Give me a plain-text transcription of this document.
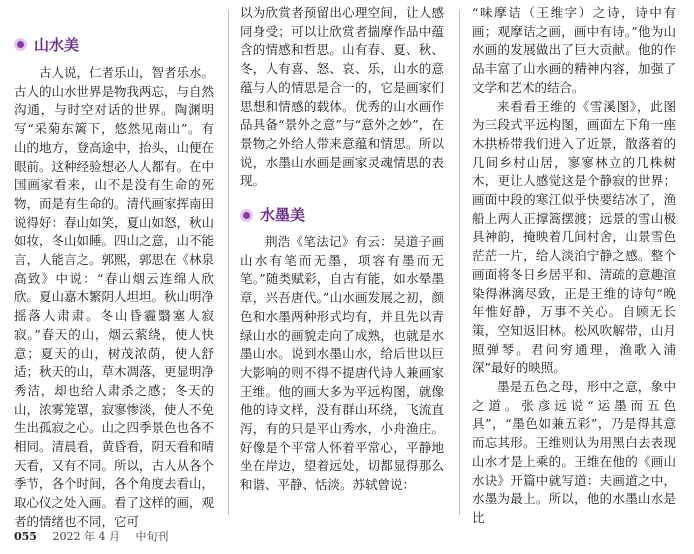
山水美

古人说，仁者乐山，智者乐水。古人的山水世界是物我两忘，与自然沟通，与时空对话的世界。陶渊明写“采菊东篱下，悠然见南山”。有山的地方，登高途中，抬头，山便在眼前。这种经验想必人人都有。在中国画家看来，山不是没有生命的死物，而是有生命的。清代画家挥南田说得好：春山如笑，夏山如怒，秋山如妆，冬山如睡。四山之意，山不能言，人能言之。郭熙，郭思在《林泉高致》中说：“春山烟云连绵人欣欣。夏山嘉木繁阴人坦坦。秋山明净摇落人肃肃。冬山昏霾翳塞人寂寂。”春天的山，烟云萦绕，使人快意；夏天的山，树茂浓荫，使人舒适；秋天的山，草木凋落，更显明净秀洁，却也给人肃杀之感；冬天的山，浓雾笼罩，寂寥惨淡，使人不免生出孤寂之心。山之四季景色也各不相同。清晨看，黄昏看，阴天看和晴天看，又有不同。所以，古人从各个季节，各个时间，各个角度去看山，取心仪之处入画。看了这样的画，观者的情绪也不同，它可

以为欣赏者预留出心理空间，让人感同身受；可以让欣赏者揣摩作品中蕴含的情感和哲思。山有春、夏、秋、冬，人有喜、怒、哀、乐，山水的意蕴与人的情思是合一的，它是画家们思想和情感的载体。优秀的山水画作品具备“景外之意”与“意外之妙”，在景物之外给人带来意蕴和情思。所以说，水墨山水画是画家灵魂情思的表现。

水墨美

荆浩《笔法记》有云：吴道子画山水有笔而无墨，项容有墨而无笔。”随类赋彩，自古有能，如水晕墨章，兴吾唐代。”山水画发展之初，颜色和水墨两种形式均有，并且先以青绿山水的画貌走向了成熟，也就是水墨山水。说到水墨山水，给后世以巨大影响的则不得不提唐代诗人兼画家王维。他的画大多为平远构图，就像他的诗文样，没有群山环绕，飞流直泻，有的只是平山秀水，小舟渔庄。好像是个平常人怀着平常心，平静地坐在岸边，望着远处，切都显得那么和谐、平静、恬淡。苏轼曾说：

“味摩诘（王维字）之诗，诗中有画；观摩诘之画，画中有诗。”他为山水画的发展做出了巨大贡献。他的作品丰富了山水画的精神内容，加强了文学和艺术的结合。

来看看王维的《雪溪图》，此图为三段式平远构图，画面左下角一座木拱桥带我们进入了近景，散落着的几间乡村山居，寥寥林立的几株树木，更让人感觉这是个静寂的世界；画面中段的寒江似乎快要结冰了，渔船上两人正撑篙摆渡；远景的雪山极具神韵，掩映着几间村舍，山景雪色茫茫一片，给人淡泊宁静之感。整个画面将冬日乡居平和、清疏的意趣渲染得淋漓尽致，正是王维的诗句“晚年惟好静，万事不关心。自顾无长策，空知返旧林。松风吹解带，山月照弹琴。君问穷通理，渔歌入浦深”最好的映照。

墨是五色之母，形中之意，象中之道。张彦远说“运墨而五色具”，“墨色如兼五彩”，乃是得其意而忘其形。王维则认为用黑白去表现山水才是上乘的。王维在他的《画山水诀》开篇中就写道：夫画道之中，水墨为最上。所以，他的水墨山水是比

055 2022 年 4 月 中旬刊
